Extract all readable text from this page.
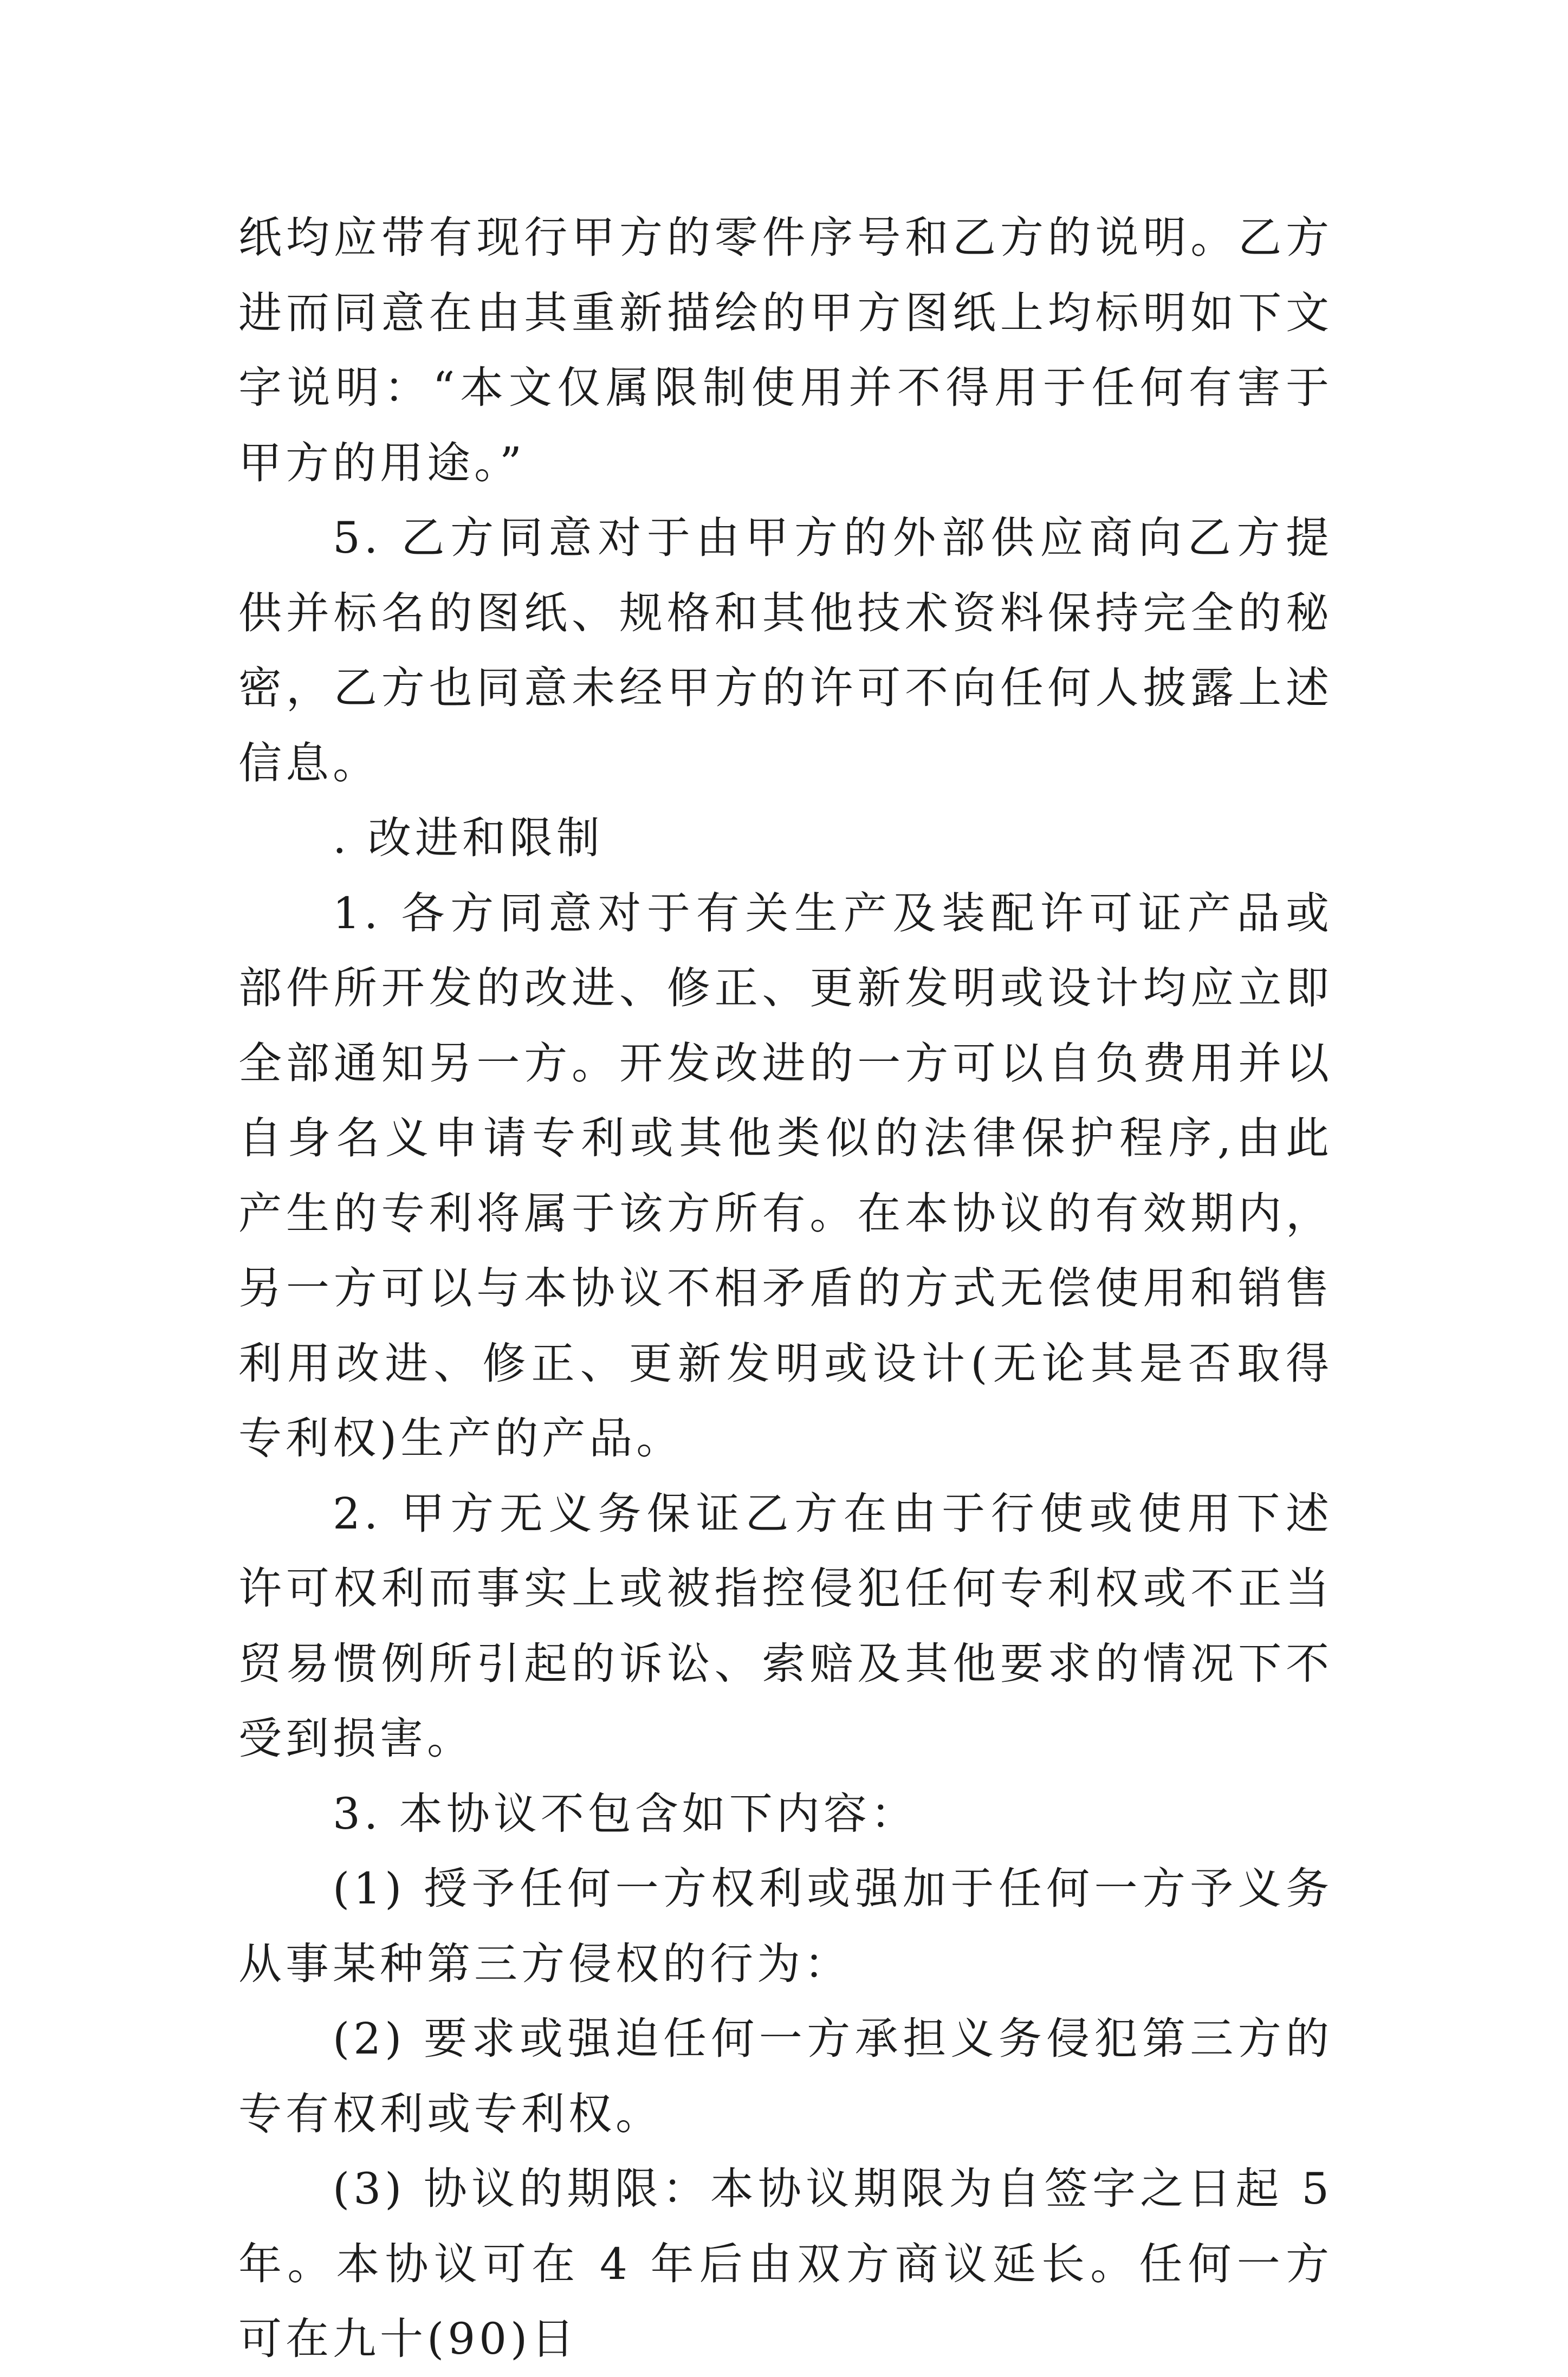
纸均应带有现行甲方的零件序号和乙方的说明。乙方进而同意在由其重新描绘的甲方图纸上均标明如下文字说明：“本文仅属限制使用并不得用于任何有害于甲方的用途。”

5. 乙方同意对于由甲方的外部供应商向乙方提供并标名的图纸、规格和其他技术资料保持完全的秘密，乙方也同意未经甲方的许可不向任何人披露上述信息。

. 改进和限制

1. 各方同意对于有关生产及装配许可证产品或部件所开发的改进、修正、更新发明或设计均应立即全部通知另一方。开发改进的一方可以自负费用并以自身名义申请专利或其他类似的法律保护程序,由此产生的专利将属于该方所有。在本协议的有效期内，另一方可以与本协议不相矛盾的方式无偿使用和销售利用改进、修正、更新发明或设计(无论其是否取得专利权)生产的产品。

2. 甲方无义务保证乙方在由于行使或使用下述许可权利而事实上或被指控侵犯任何专利权或不正当贸易惯例所引起的诉讼、索赔及其他要求的情况下不受到损害。

3. 本协议不包含如下内容：

(1) 授予任何一方权利或强加于任何一方予义务从事某种第三方侵权的行为：

(2) 要求或强迫任何一方承担义务侵犯第三方的专有权利或专利权。

(3) 协议的期限：本协议期限为自签字之日起 5 年。本协议可在 4 年后由双方商议延长。任何一方可在九十(90)日
